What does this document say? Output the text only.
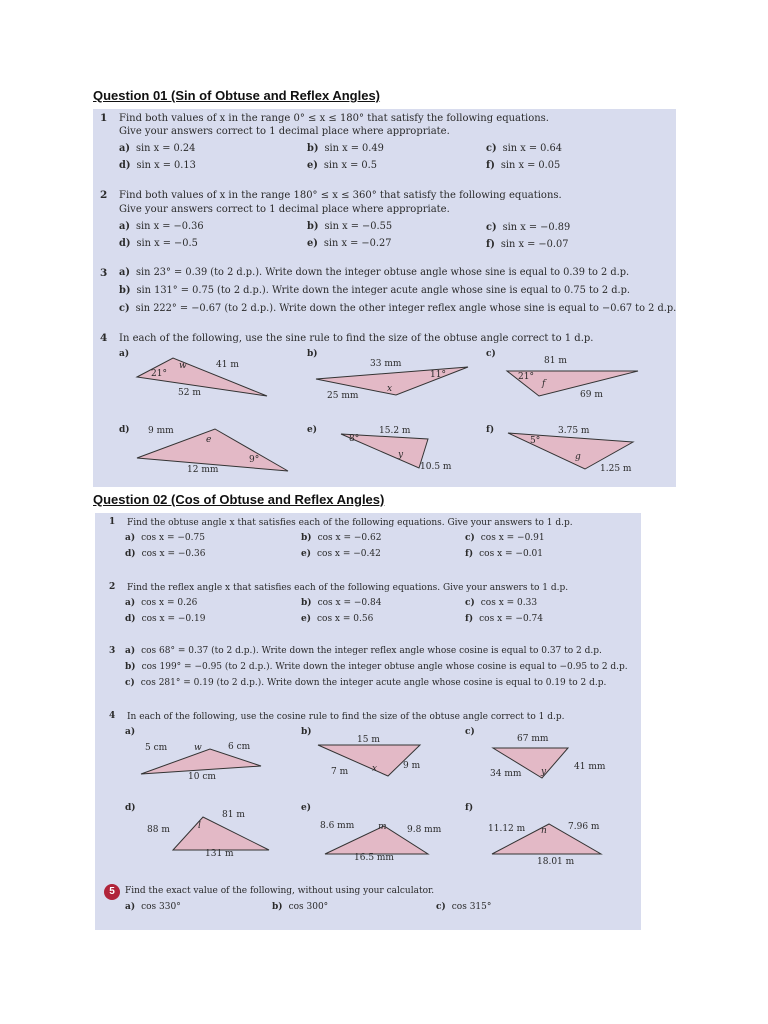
Question 01 (Sin of Obtuse and Reflex Angles)
1 Find both values of x in the range 0° ≤ x ≤ 180° that satisfy the following equations.
Give your answers correct to 1 decimal place where appropriate.
a) sin x = 0.24	b) sin x = 0.49	c) sin x = 0.64
d) sin x = 0.13	e) sin x = 0.5	f) sin x = 0.05
2 Find both values of x in the range 180° ≤ x ≤ 360° that satisfy the following equations.
Give your answers correct to 1 decimal place where appropriate.
a) sin x = −0.36	b) sin x = −0.55	c) sin x = −0.89
d) sin x = −0.5	e) sin x = −0.27	f) sin x = −0.07
3 a) sin 23° = 0.39 (to 2 d.p.). Write down the integer obtuse angle whose sine is equal to 0.39 to 2 d.p.
b) sin 131° = 0.75 (to 2 d.p.). Write down the integer acute angle whose sine is equal to 0.75 to 2 d.p.
c) sin 222° = −0.67 (to 2 d.p.). Write down the other integer reflex angle whose sine is equal to −0.67 to 2 d.p.
4 In each of the following, use the sine rule to find the size of the obtuse angle correct to 1 d.p.
a)
21°
w	41 m
52 m
b)
33 mm
11°
x
25 mm
c)
81 m
21°
f
69 m
d) 9 mm
e
9°
12 mm
e)
8°
15.2 m
y
10.5 m
f)
5°
3.75 m
g
1.25 m
Question 02 (Cos of Obtuse and Reflex Angles)
1 Find the obtuse angle x that satisfies each of the following equations. Give your answers to 1 d.p.
a) cos x = −0.75	b) cos x = −0.62	c) cos x = −0.91
d) cos x = −0.36	e) cos x = −0.42	f) cos x = −0.01
2 Find the reflex angle x that satisfies each of the following equations. Give your answers to 1 d.p.
a) cos x = 0.26	b) cos x = −0.84	c) cos x = 0.33
d) cos x = −0.19	e) cos x = 0.56	f) cos x = −0.74
3 a) cos 68° = 0.37 (to 2 d.p.). Write down the integer reflex angle whose cosine is equal to 0.37 to 2 d.p.
b) cos 199° = −0.95 (to 2 d.p.). Write down the integer obtuse angle whose cosine is equal to −0.95 to 2 d.p.
c) cos 281° = 0.19 (to 2 d.p.). Write down the integer acute angle whose cosine is equal to 0.19 to 2 d.p.
4 In each of the following, use the cosine rule to find the size of the obtuse angle correct to 1 d.p.
a)
5 cm	w	6 cm
10 cm
b)
15 m
7 m	x	9 m
c)
67 mm
34 mm y	41 mm
d)
88 m	l
81 m
131 m
e)
8.6 mm	m 9.8 mm
16.5 mm
f)
11.12 m n 7.96 m
18.01 m
5	Find the exact value of the following, without using your calculator.
a) cos 330°	b) cos 300°	c) cos 315°
